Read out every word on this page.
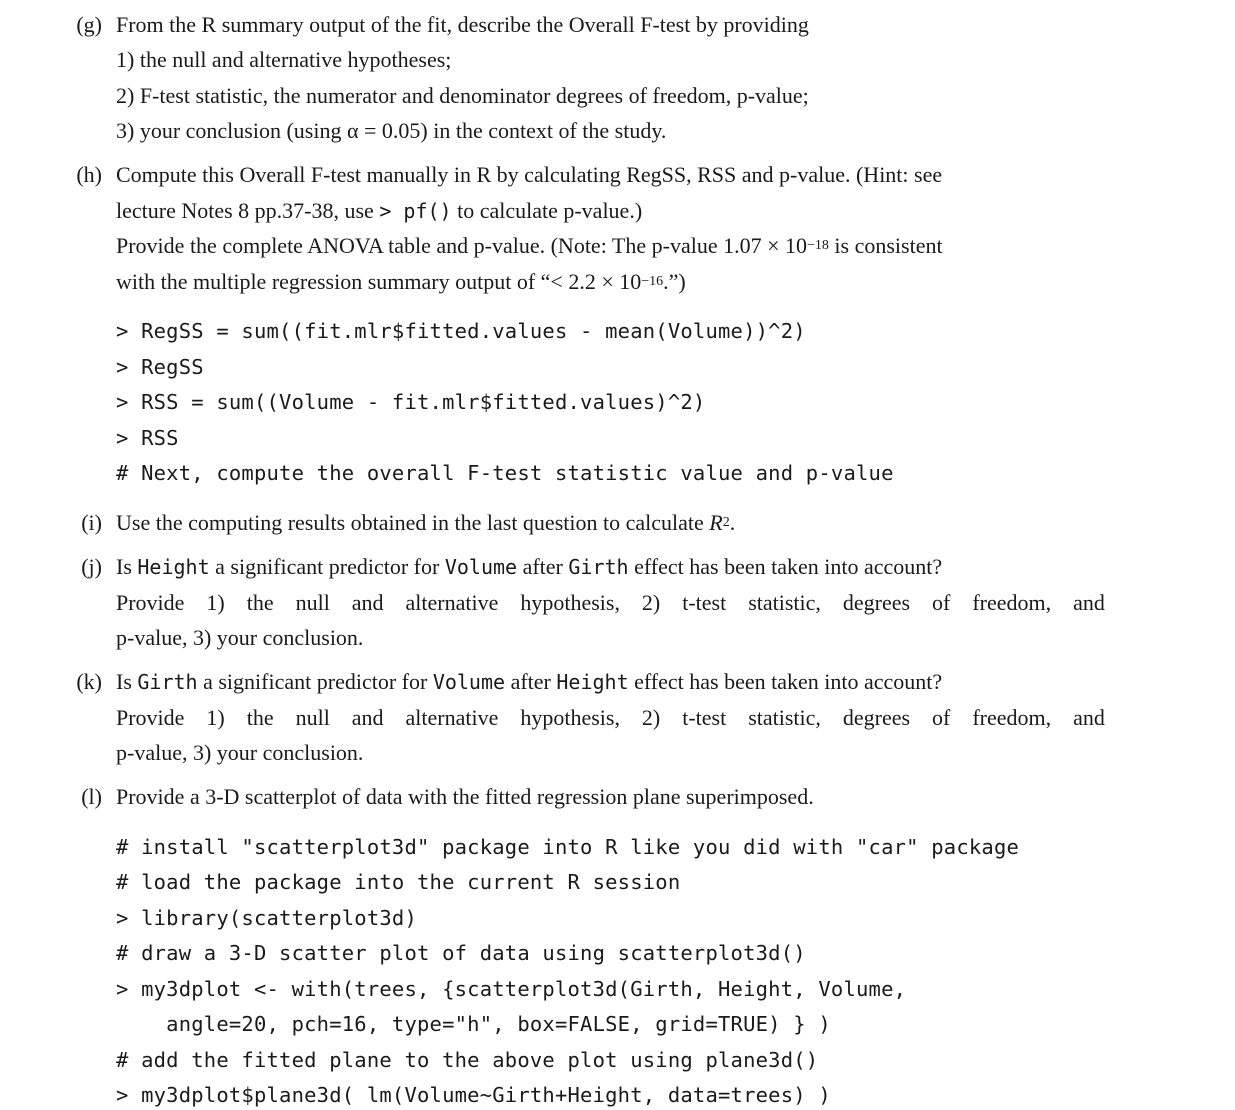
(g) From the R summary output of the fit, describe the Overall F-test by providing
1) the null and alternative hypotheses;
2) F-test statistic, the numerator and denominator degrees of freedom, p-value;
3) your conclusion (using α = 0.05) in the context of the study.
(h) Compute this Overall F-test manually in R by calculating RegSS, RSS and p-value. (Hint: see
lecture Notes 8 pp.37-38, use > pf() to calculate p-value.)
Provide the complete ANOVA table and p-value. (Note: The p-value $1.07 \times 10^{-18}$ is consistent
with the multiple regression summary output of “< $2.2 \times 10^{-16}$.”)
> RegSS = sum((fit.mlr$fitted.values - mean(Volume))^2)
> RegSS
> RSS = sum((Volume - fit.mlr$fitted.values)^2)
> RSS
# Next, compute the overall F-test statistic value and p-value
(i) Use the computing results obtained in the last question to calculate $R^2$.
(j) Is Height a significant predictor for Volume after Girth effect has been taken into account?
Provide 1) the null and alternative hypothesis, 2) t-test statistic, degrees of freedom, and
p-value, 3) your conclusion.
(k) Is Girth a significant predictor for Volume after Height effect has been taken into account?
Provide 1) the null and alternative hypothesis, 2) t-test statistic, degrees of freedom, and
p-value, 3) your conclusion.
(l) Provide a 3-D scatterplot of data with the fitted regression plane superimposed.
# install "scatterplot3d" package into R like you did with "car" package
# load the package into the current R session
> library(scatterplot3d)
# draw a 3-D scatter plot of data using scatterplot3d()
> my3dplot <- with(trees, {scatterplot3d(Girth, Height, Volume,
angle=20, pch=16, type="h", box=FALSE, grid=TRUE) } )
# add the fitted plane to the above plot using plane3d()
> my3dplot$plane3d( lm(Volume~Girth+Height, data=trees) )
